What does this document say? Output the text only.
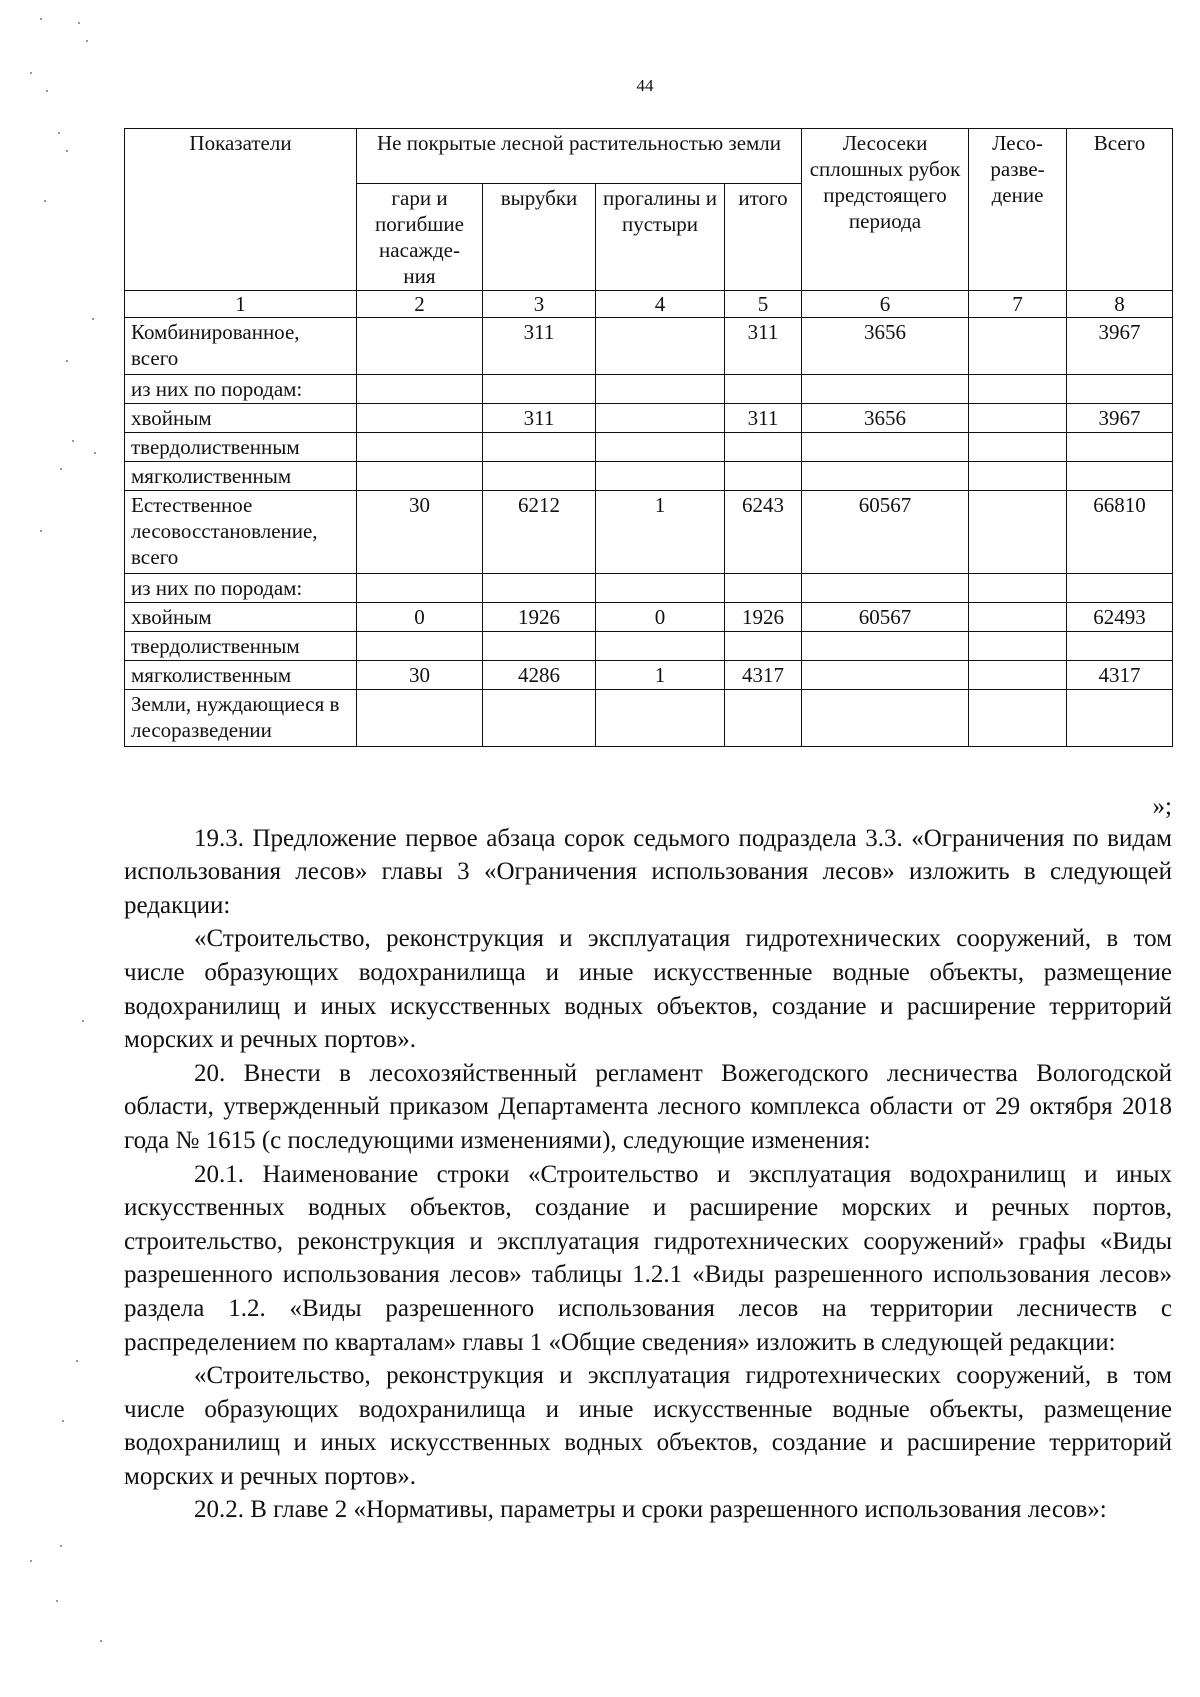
44
Показатели	Не покрытые лесной растительностью земли				Лесосеки сплошных рубок предстоящего периода	Лесо-разве-дение	Всего
	гари и погибшие насажде-ния	вырубки	прогалины и пустыри	итого			
1	2	3	4	5	6	7	8
Комбинированное, всего		311		311	3656		3967
из них по породам:							
хвойным		311		311	3656		3967
твердолиственным							
мягколиственным							
Естественное лесовосстановление, всего	30	6212	1	6243	60567		66810
из них по породам:							
хвойным	0	1926	0	1926	60567		62493
твердолиственным							
мягколиственным	30	4286	1	4317			4317
Земли, нуждающиеся в лесоразведении							

»;

19.3. Предложение первое абзаца сорок седьмого подраздела 3.3. «Ограничения по видам использования лесов» главы 3 «Ограничения использования лесов» изложить в следующей редакции:

«Строительство, реконструкция и эксплуатация гидротехнических сооружений, в том числе образующих водохранилища и иные искусственные водные объекты, размещение водохранилищ и иных искусственных водных объектов, создание и расширение территорий морских и речных портов».

20. Внести в лесохозяйственный регламент Вожегодского лесничества Вологодской области, утвержденный приказом Департамента лесного комплекса области от 29 октября 2018 года № 1615 (с последующими изменениями), следующие изменения:

20.1. Наименование строки «Строительство и эксплуатация водохранилищ и иных искусственных водных объектов, создание и расширение морских и речных портов, строительство, реконструкция и эксплуатация гидротехнических сооружений» графы «Виды разрешенного использования лесов» таблицы 1.2.1 «Виды разрешенного использования лесов» раздела 1.2. «Виды разрешенного использования лесов на территории лесничеств с распределением по кварталам» главы 1 «Общие сведения» изложить в следующей редакции:

«Строительство, реконструкция и эксплуатация гидротехнических сооружений, в том числе образующих водохранилища и иные искусственные водные объекты, размещение водохранилищ и иных искусственных водных объектов, создание и расширение территорий морских и речных портов».

20.2. В главе 2 «Нормативы, параметры и сроки разрешенного использования лесов»:
